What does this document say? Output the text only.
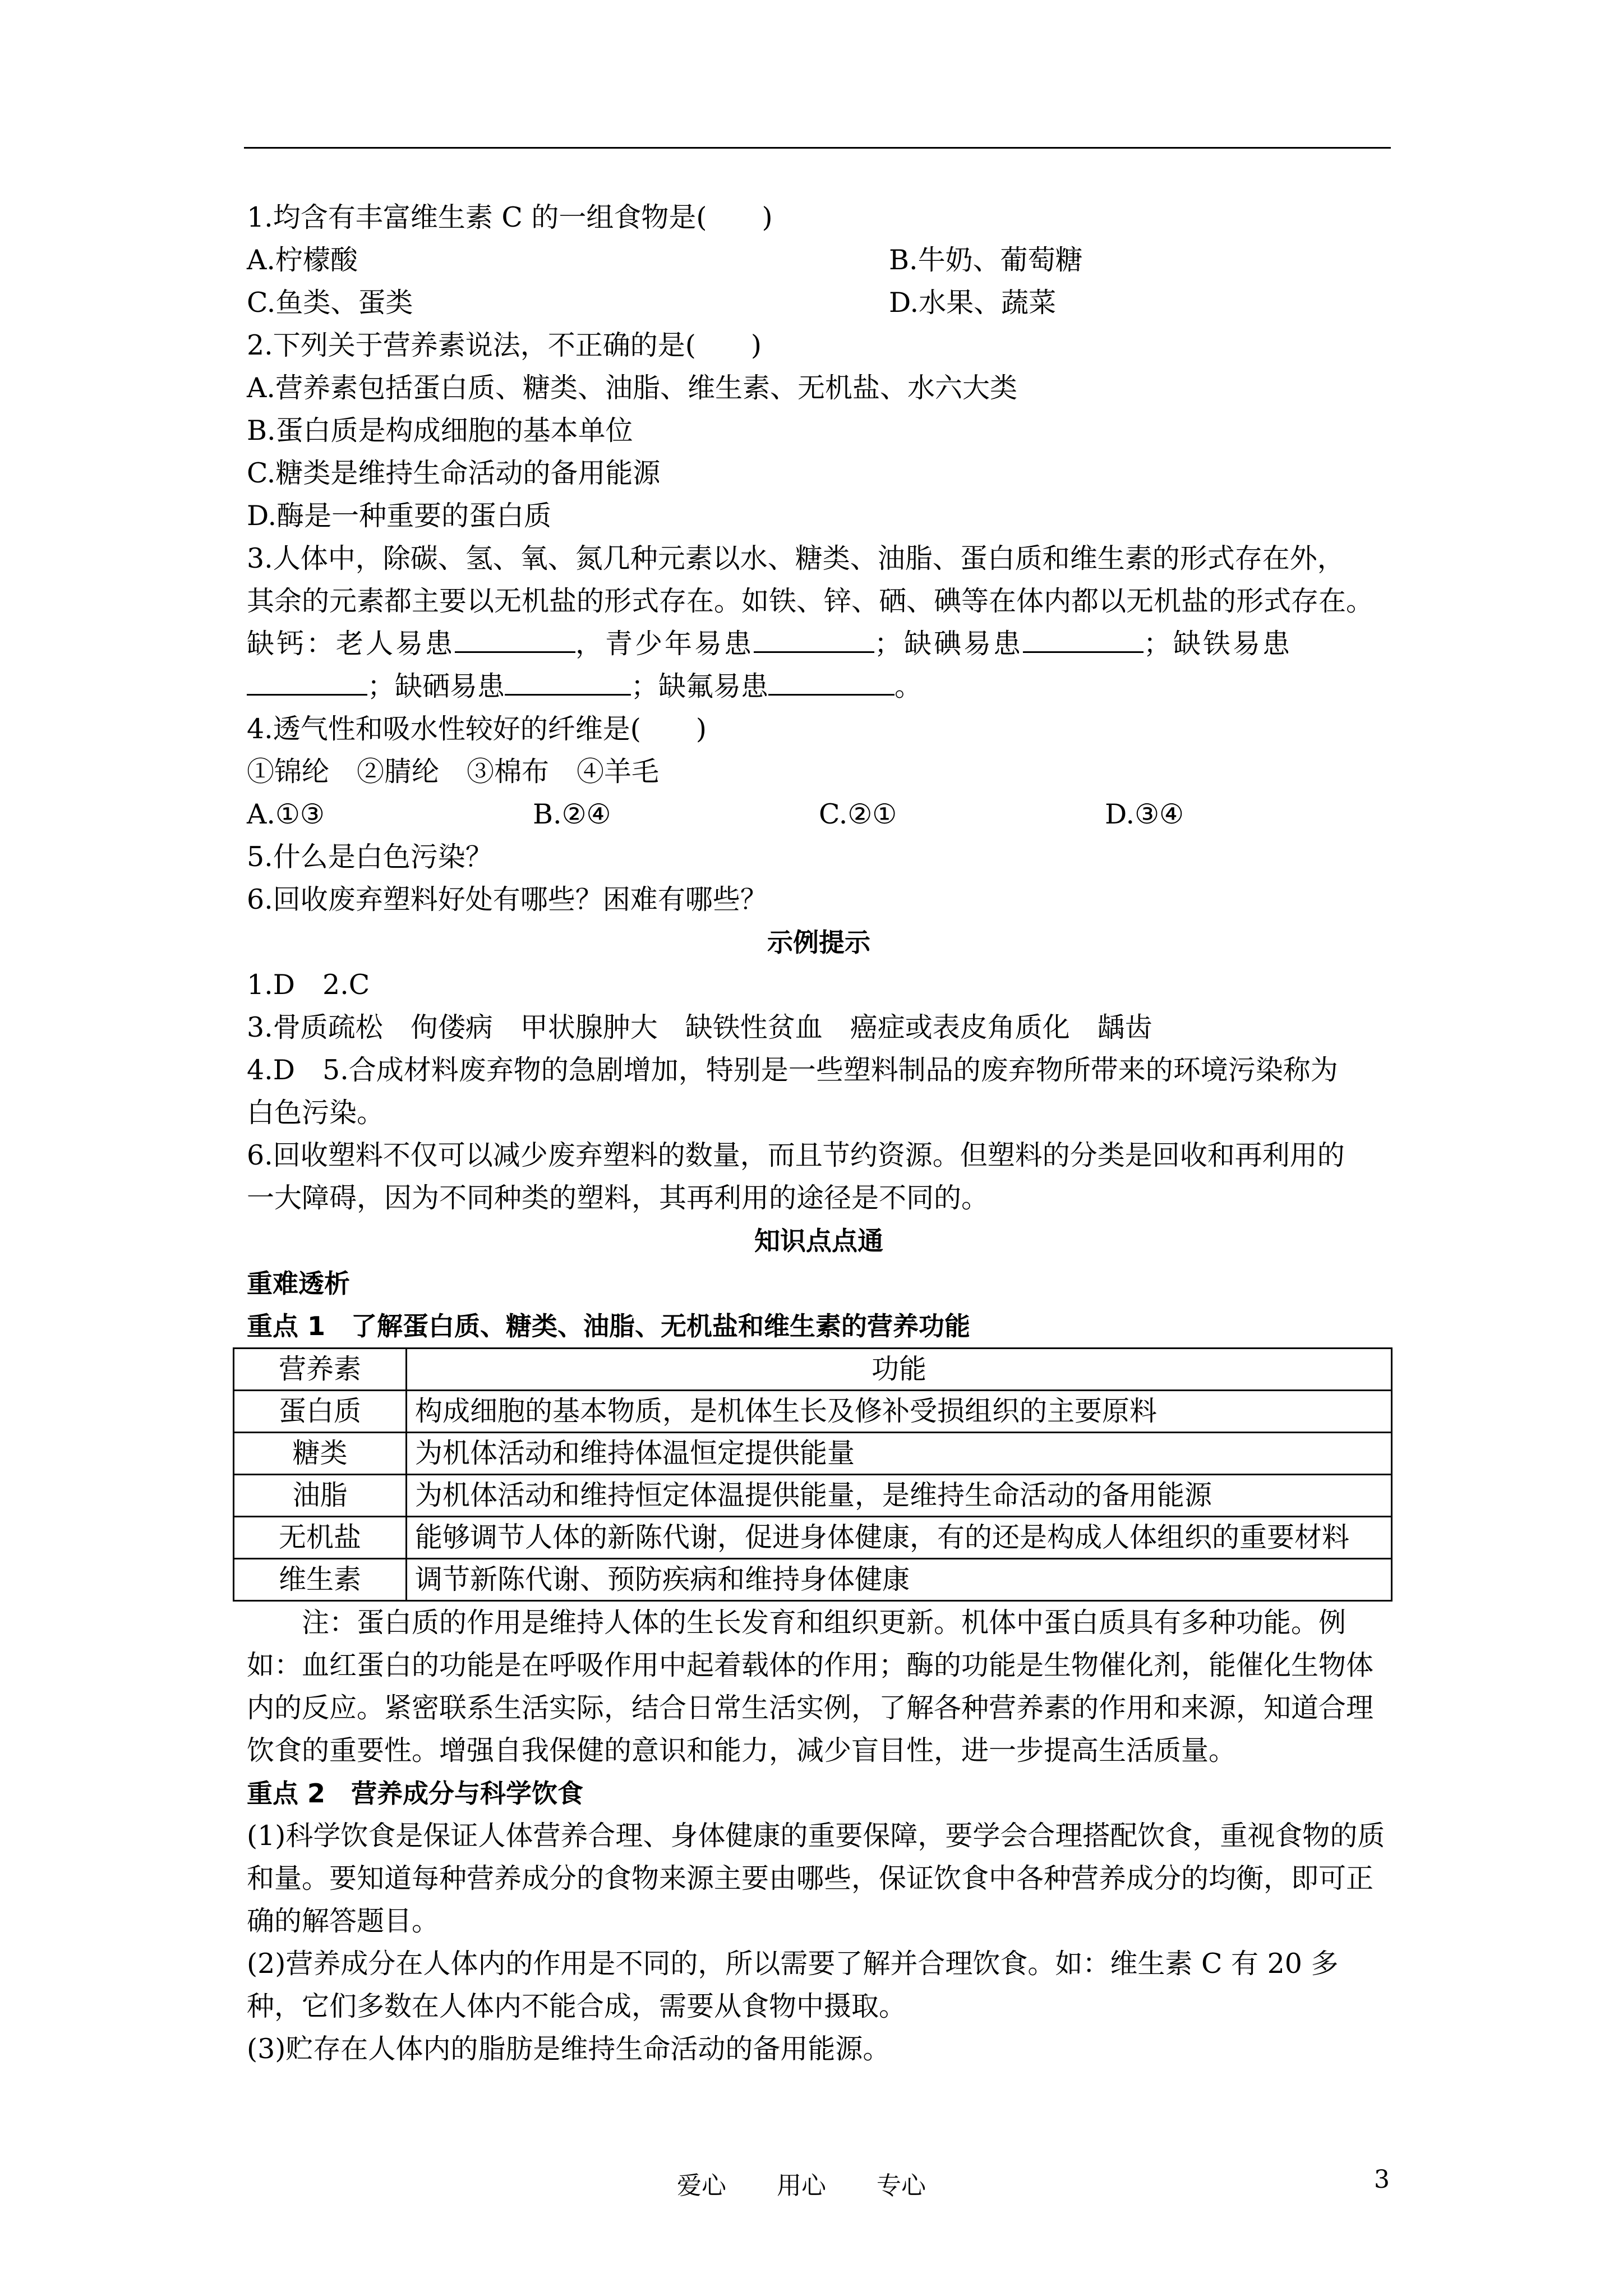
1.均含有丰富维生素 C 的一组食物是(　　)

A.柠檬酸	B.牛奶、葡萄糖
C.鱼类、蛋类	D.水果、蔬菜

2.下列关于营养素说法，不正确的是(　　)

A.营养素包括蛋白质、糖类、油脂、维生素、无机盐、水六大类

B.蛋白质是构成细胞的基本单位

C.糖类是维持生命活动的备用能源

D.酶是一种重要的蛋白质

3.人体中，除碳、氢、氧、氮几种元素以水、糖类、油脂、蛋白质和维生素的形式存在外，

其余的元素都主要以无机盐的形式存在。如铁、锌、硒、碘等在体内都以无机盐的形式存在。

缺钙：老人易患	，青少年易患	；缺碘易患	；缺铁易患

；缺硒易患	；缺氟易患	。

4.透气性和吸水性较好的纤维是(　　)

①锦纶　②腈纶　③棉布　④羊毛

A.①③	B.②④	C.②①	D.③④

5.什么是白色污染？

6.回收废弃塑料好处有哪些？困难有哪些？

示例提示

1.D　2.C

3.骨质疏松　佝偻病　甲状腺肿大　缺铁性贫血　癌症或表皮角质化　龋齿

4.D　5.合成材料废弃物的急剧增加，特别是一些塑料制品的废弃物所带来的环境污染称为

白色污染。

6.回收塑料不仅可以减少废弃塑料的数量，而且节约资源。但塑料的分类是回收和再利用的

一大障碍，因为不同种类的塑料，其再利用的途径是不同的。

知识点点通

重难透析

重点 1　了解蛋白质、糖类、油脂、无机盐和维生素的营养功能

营养素	功能
蛋白质	构成细胞的基本物质，是机体生长及修补受损组织的主要原料
糖类	为机体活动和维持体温恒定提供能量
油脂	为机体活动和维持恒定体温提供能量，是维持生命活动的备用能源
无机盐	能够调节人体的新陈代谢，促进身体健康，有的还是构成人体组织的重要材料
维生素	调节新陈代谢、预防疾病和维持身体健康

注：蛋白质的作用是维持人体的生长发育和组织更新。机体中蛋白质具有多种功能。例如：血红蛋白的功能是在呼吸作用中起着载体的作用；酶的功能是生物催化剂，能催化生物体内的反应。紧密联系生活实际，结合日常生活实例，了解各种营养素的作用和来源，知道合理饮食的重要性。增强自我保健的意识和能力，减少盲目性，进一步提高生活质量。

重点 2　营养成分与科学饮食

(1)科学饮食是保证人体营养合理、身体健康的重要保障，要学会合理搭配饮食，重视食物的质和量。要知道每种营养成分的食物来源主要由哪些，保证饮食中各种营养成分的均衡，即可正确的解答题目。

(2)营养成分在人体内的作用是不同的，所以需要了解并合理饮食。如：维生素 C 有 20 多种，它们多数在人体内不能合成，需要从食物中摄取。

(3)贮存在人体内的脂肪是维持生命活动的备用能源。

爱心 用心 专心	3
